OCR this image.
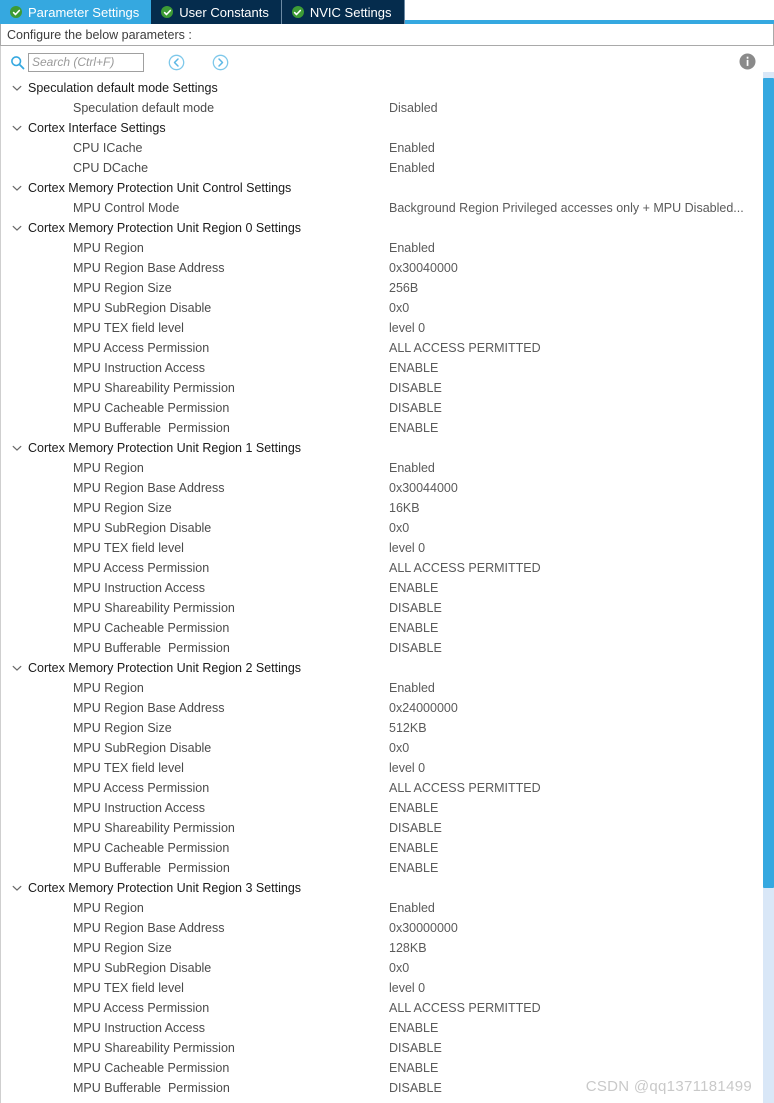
Parameter Settings	User Constants	NVIC Settings
Configure the below parameters :
Search (Ctrl+F)
Speculation default mode Settings
Speculation default mode	Disabled
Cortex Interface Settings
CPU ICache	Enabled
CPU DCache	Enabled
Cortex Memory Protection Unit Control Settings
MPU Control Mode	Background Region Privileged accesses only + MPU Disabled...
Cortex Memory Protection Unit Region 0 Settings
MPU Region	Enabled
MPU Region Base Address	0x30040000
MPU Region Size	256B
MPU SubRegion Disable	0x0
MPU TEX field level	level 0
MPU Access Permission	ALL ACCESS PERMITTED
MPU Instruction Access	ENABLE
MPU Shareability Permission	DISABLE
MPU Cacheable Permission	DISABLE
MPU Bufferable  Permission	ENABLE
Cortex Memory Protection Unit Region 1 Settings
MPU Region	Enabled
MPU Region Base Address	0x30044000
MPU Region Size	16KB
MPU SubRegion Disable	0x0
MPU TEX field level	level 0
MPU Access Permission	ALL ACCESS PERMITTED
MPU Instruction Access	ENABLE
MPU Shareability Permission	DISABLE
MPU Cacheable Permission	ENABLE
MPU Bufferable  Permission	DISABLE
Cortex Memory Protection Unit Region 2 Settings
MPU Region	Enabled
MPU Region Base Address	0x24000000
MPU Region Size	512KB
MPU SubRegion Disable	0x0
MPU TEX field level	level 0
MPU Access Permission	ALL ACCESS PERMITTED
MPU Instruction Access	ENABLE
MPU Shareability Permission	DISABLE
MPU Cacheable Permission	ENABLE
MPU Bufferable  Permission	ENABLE
Cortex Memory Protection Unit Region 3 Settings
MPU Region	Enabled
MPU Region Base Address	0x30000000
MPU Region Size	128KB
MPU SubRegion Disable	0x0
MPU TEX field level	level 0
MPU Access Permission	ALL ACCESS PERMITTED
MPU Instruction Access	ENABLE
MPU Shareability Permission	DISABLE
MPU Cacheable Permission	ENABLE
MPU Bufferable  Permission	DISABLE	CSDN @qq1371181499
